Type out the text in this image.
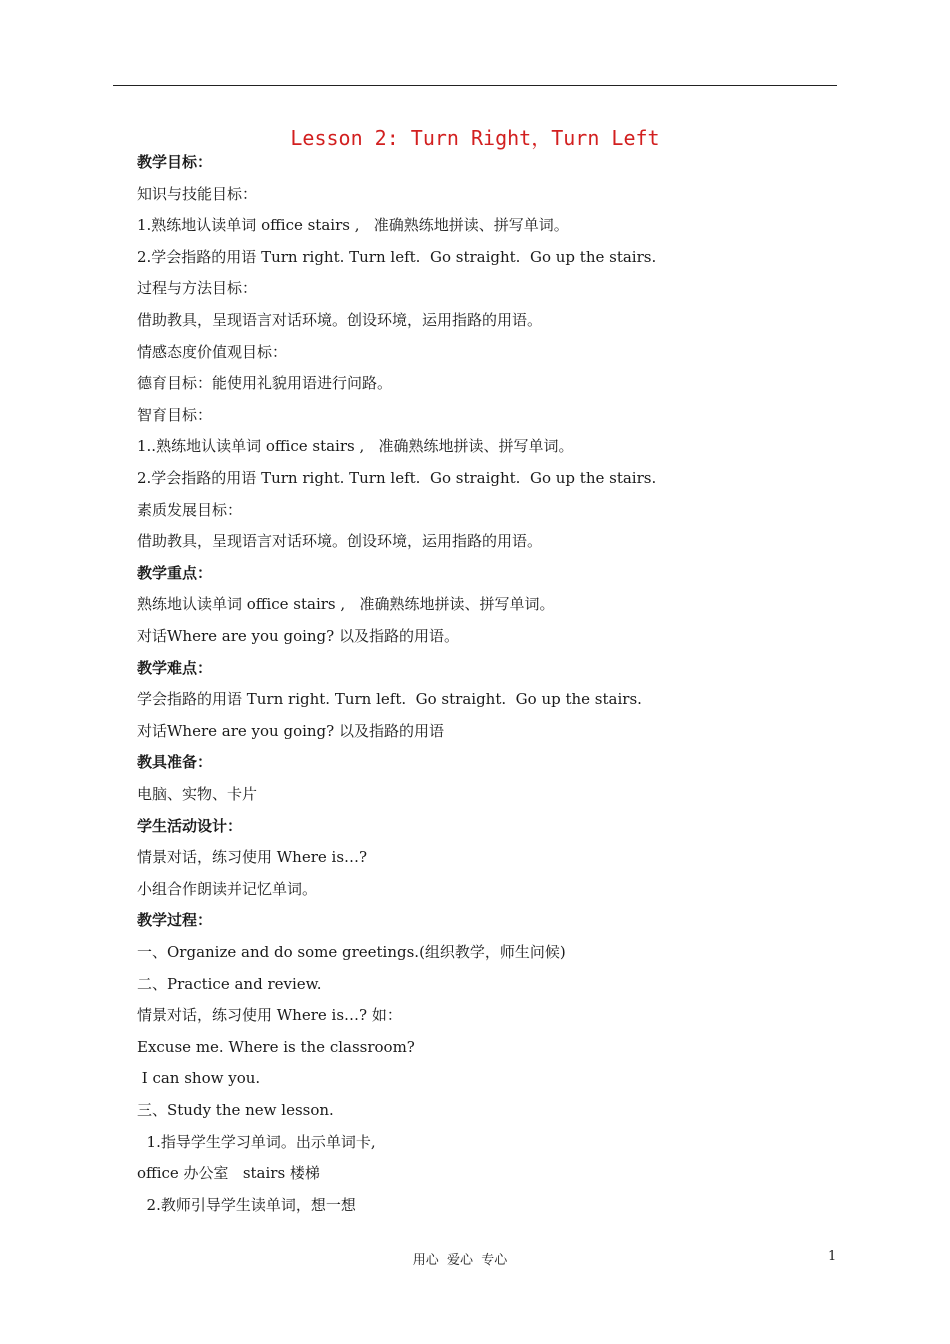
Lesson 2: Turn Right，Turn Left
教学目标：
知识与技能目标：
1.熟练地认读单词 office stairs ,   准确熟练地拼读、拼写单词。
2.学会指路的用语 Turn right. Turn left.  Go straight.  Go up the stairs.
过程与方法目标：
借助教具，呈现语言对话环境。创设环境，运用指路的用语。
情感态度价值观目标：
德育目标：能使用礼貌用语进行问路。
智育目标：
1..熟练地认读单词 office stairs ,   准确熟练地拼读、拼写单词。
2.学会指路的用语 Turn right. Turn left.  Go straight.  Go up the stairs.
素质发展目标：
借助教具，呈现语言对话环境。创设环境，运用指路的用语。
教学重点：
熟练地认读单词 office stairs ,   准确熟练地拼读、拼写单词。
对话Where are you going? 以及指路的用语。
教学难点：
学会指路的用语 Turn right. Turn left.  Go straight.  Go up the stairs.
对话Where are you going? 以及指路的用语
教具准备：
电脑、实物、卡片
学生活动设计：
情景对话，练习使用 Where is…?
小组合作朗读并记忆单词。
教学过程：
一、Organize and do some greetings.(组织教学，师生问候)
二、Practice and review.
情景对话，练习使用 Where is…? 如：
Excuse me. Where is the classroom?
I can show you.
三、Study the new lesson.
1.指导学生学习单词。出示单词卡,
office 办公室   stairs 楼梯
2.教师引导学生读单词，想一想
用心  爱心  专心	1
